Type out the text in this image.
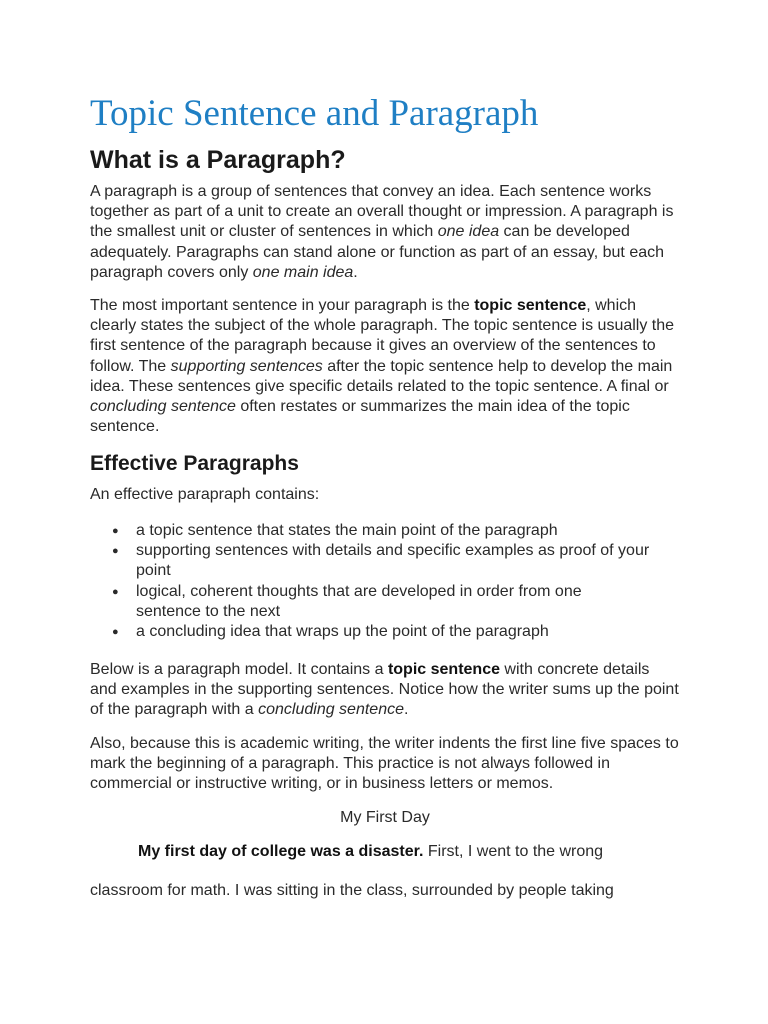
Topic Sentence and Paragraph
What is a Paragraph?

A paragraph is a group of sentences that convey an idea. Each sentence works together as part of a unit to create an overall thought or impression. A paragraph is the smallest unit or cluster of sentences in which one idea can be developed adequately. Paragraphs can stand alone or function as part of an essay, but each paragraph covers only one main idea.

The most important sentence in your paragraph is the topic sentence, which clearly states the subject of the whole paragraph. The topic sentence is usually the first sentence of the paragraph because it gives an overview of the sentences to follow. The supporting sentences after the topic sentence help to develop the main idea. These sentences give specific details related to the topic sentence. A final or concluding sentence often restates or summarizes the main idea of the topic sentence.

Effective Paragraphs

An effective parapraph contains:

● a topic sentence that states the main point of the paragraph
● supporting sentences with details and specific examples as proof of your point
● logical, coherent thoughts that are developed in order from one sentence to the next
● a concluding idea that wraps up the point of the paragraph

Below is a paragraph model. It contains a topic sentence with concrete details and examples in the supporting sentences. Notice how the writer sums up the point of the paragraph with a concluding sentence.

Also, because this is academic writing, the writer indents the first line five spaces to mark the beginning of a paragraph. This practice is not always followed in commercial or instructive writing, or in business letters or memos.

My First Day

My first day of college was a disaster. First, I went to the wrong

classroom for math. I was sitting in the class, surrounded by people taking
